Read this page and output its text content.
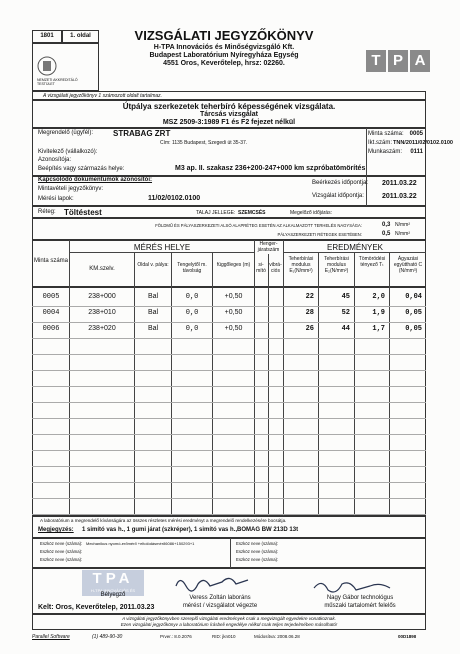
1801	1. oldal
NEMZETI AKKREDITÁLÓ TESTÜLET
VIZSGÁLATI JEGYZŐKÖNYV
H-TPA Innovációs és Minőségvizsgáló Kft.
Budapest Laboratórium Nyíregyháza Egység
4551 Oros, Keverőtelep, hrsz: 02260.	T P A
A vizsgálati jegyzőkönyv 1 számozott oldalt tartalmaz.
Útpálya szerkezetek teherbíró képességének vizsgálata.
Tárcsás vizsgálat
MSZ 2509-3:1989 F1 és F2 fejezet nélkül
Megrendelő (ügyfél): STRABAG ZRT
Cím: 1135 Budapest, Szegedi út 35-37.
Kivitelező (vállalkozó):
Azonosítója:
Beépítés vagy származás helye:	M3 ap. II. szakasz 236+200-247+000 km sz.
próbatömörítés
Minta száma: 0005
Ikt.szám: TNN/2011/02/0102.0100
Munkaszám:	0111
Kapcsolódó dokumentumok azonosítói:
Mintavételi jegyzőkönyv:
Mérési lapok:	11/02/0102.0100
Beérkezés időpontja: 2011.03.22
Vizsgálat időpontja:	2011.03.22
Réteg: Töltéstest	TALAJ JELLEGE: SZEMCSÉS	Megelőző időjárás:
FÖLDMŰ ÉS PÁLYASZERKEZETI ALSÓ ALAPRÉTEG ESETÉN AZ ALKALMAZOTT TERHELÉS NAGYSÁGA:	0,3 N/mm²
PÁLYASZERKEZETI RÉTEGEK ESETÉBEN:	0,5 N/mm²
MÉRÉS HELYE	Henger-járatszám	EREDMÉNYEK
Minta száma
KM.szelv.
Oldal v. pálya:	Tengelytől m. távolság
függőleges (m)	si-mító
vibrá-ciós
Teherbírási modulus E₁(N/mm²)
Teherbírási modulus E₂(N/mm²)
Tömörödési tényező Tₜ
Ágyazási együttható C (N/mm³)
0005	238+000	Bal	0,0	+0,50	22	45	2,0	0,04
0004	238+010	Bal	0,0	+0,50	28	52	1,9	0,05
0006	238+020	Bal	0,0	+0,50	26	44	1,7	0,05
A laboratórium a megrendelő kívánságára az összes részletes mérési eredményt a megrendelő rendelkezésére bocsátja.
Megjegyzés: 1 simító vas h., 1 gumi járat (szkréper), 1 simító vas h.,BOMAG BW 213D 13t
Eszköz neve (száma): Mechanikus nyomó-erőmérő +eltolódásmérő6086+150293+1
Eszköz neve (száma):
Eszköz neve (száma):
Eszköz neve (száma):
Eszköz neve (száma):
Eszköz neve (száma):
TPA
H-TPA INNOVÁCIÓS ÉS
Bélyegző
Kelt: Oros, Keverőtelep, 2011.03.23
Veress Zoltán laboráns
mérést / vizsgálatot végezte
Nagy Gábor technológus
műszaki tartalomért felelős
A vizsgálati jegyzőkönyvben szereplő vizsgálati eredmények csak a megvizsgált egyedekre vonatkoznak.
Ezen vizsgálati jegyzőkönyv a laboratórium írásbeli engedélye nélkül csak teljes terjedelmében másolható!
Parallel Software	(1) 489-90-30	Prver.: 8.0.2076	RID: jkn010	Módosítva: 2008.06.28	00D189II
